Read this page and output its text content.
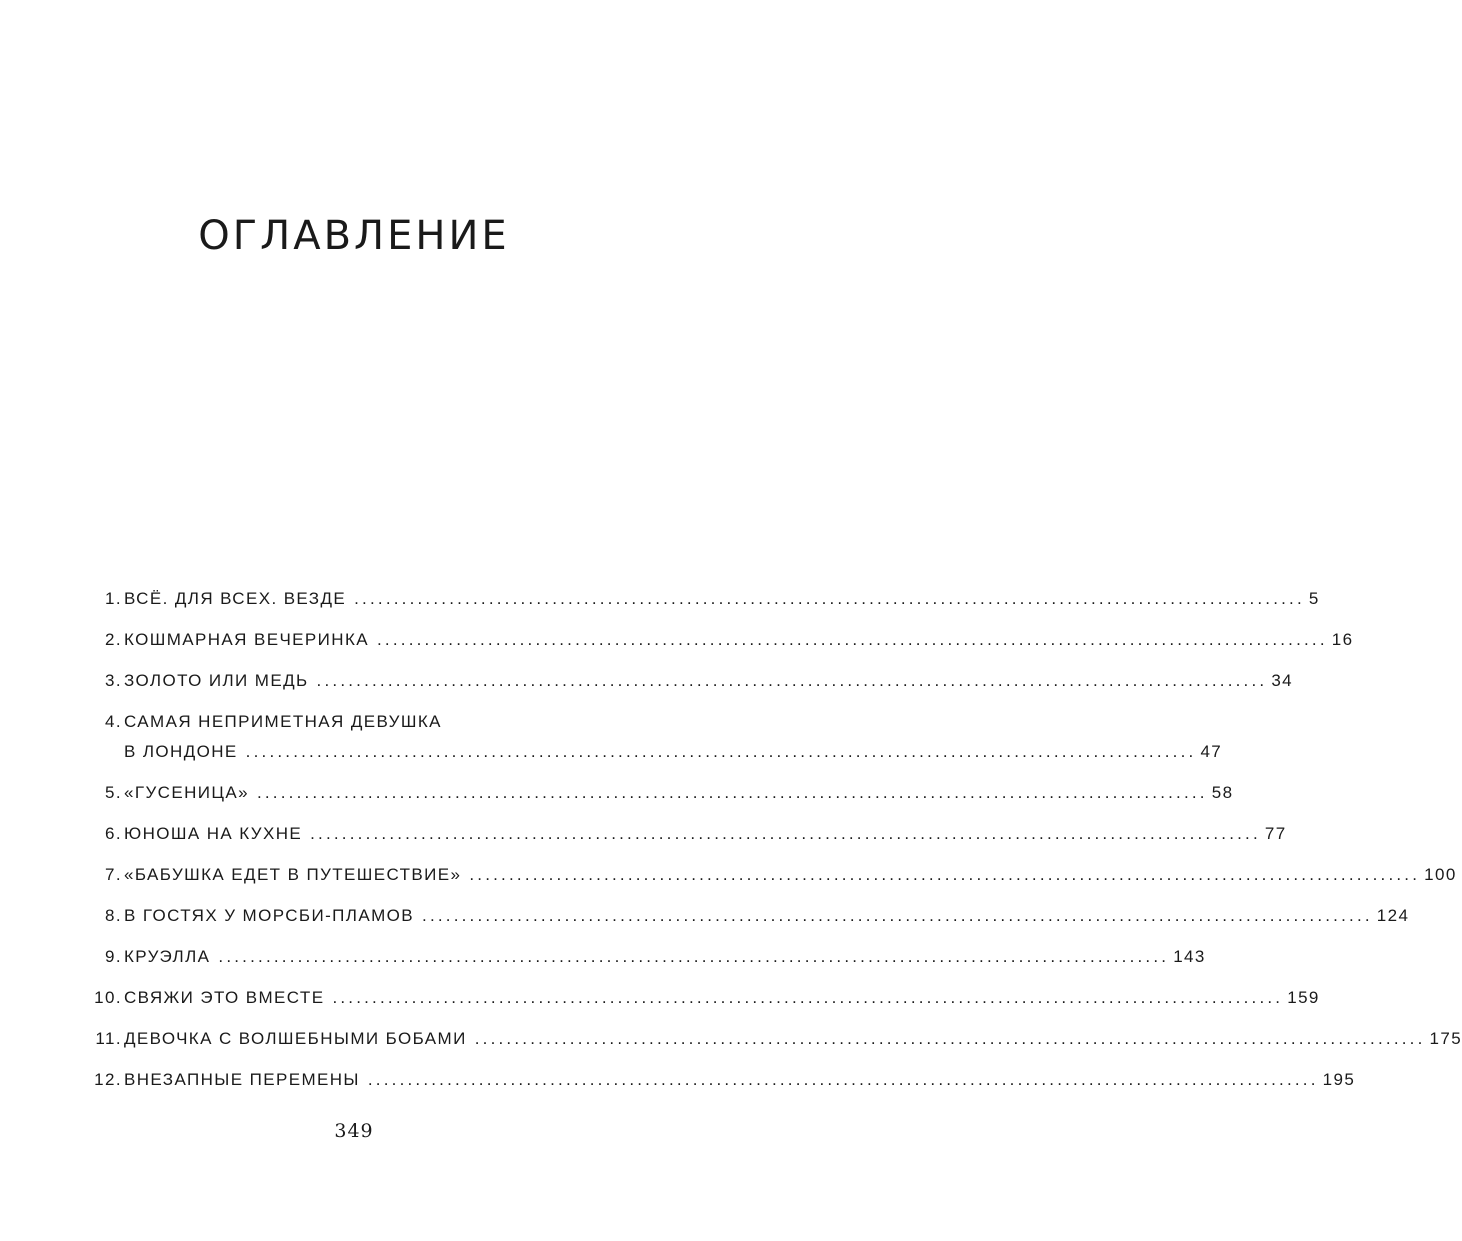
ОГЛАВЛЕНИЕ
1. ВСЁ. ДЛЯ ВСЕХ. ВЕЗДЕ ........................................................................................................................ 5
2. КОШМАРНАЯ ВЕЧЕРИНКА ........................................................................................................................ 16
3. ЗОЛОТО ИЛИ МЕДЬ ........................................................................................................................ 34
4. САМАЯ НЕПРИМЕТНАЯ ДЕВУШКА
В ЛОНДОНЕ ........................................................................................................................ 47
5. «ГУСЕНИЦА» ........................................................................................................................ 58
6. ЮНОША НА КУХНЕ ........................................................................................................................ 77
7. «БАБУШКА ЕДЕТ В ПУТЕШЕСТВИЕ» ........................................................................................................................ 100
8. В ГОСТЯХ У МОРСБИ-ПЛАМОВ ........................................................................................................................ 124
9. КРУЭЛЛА ........................................................................................................................ 143
10. СВЯЖИ ЭТО ВМЕСТЕ ........................................................................................................................ 159
11. ДЕВОЧКА С ВОЛШЕБНЫМИ БОБАМИ ........................................................................................................................ 175
12. ВНЕЗАПНЫЕ ПЕРЕМЕНЫ ........................................................................................................................ 195
349
